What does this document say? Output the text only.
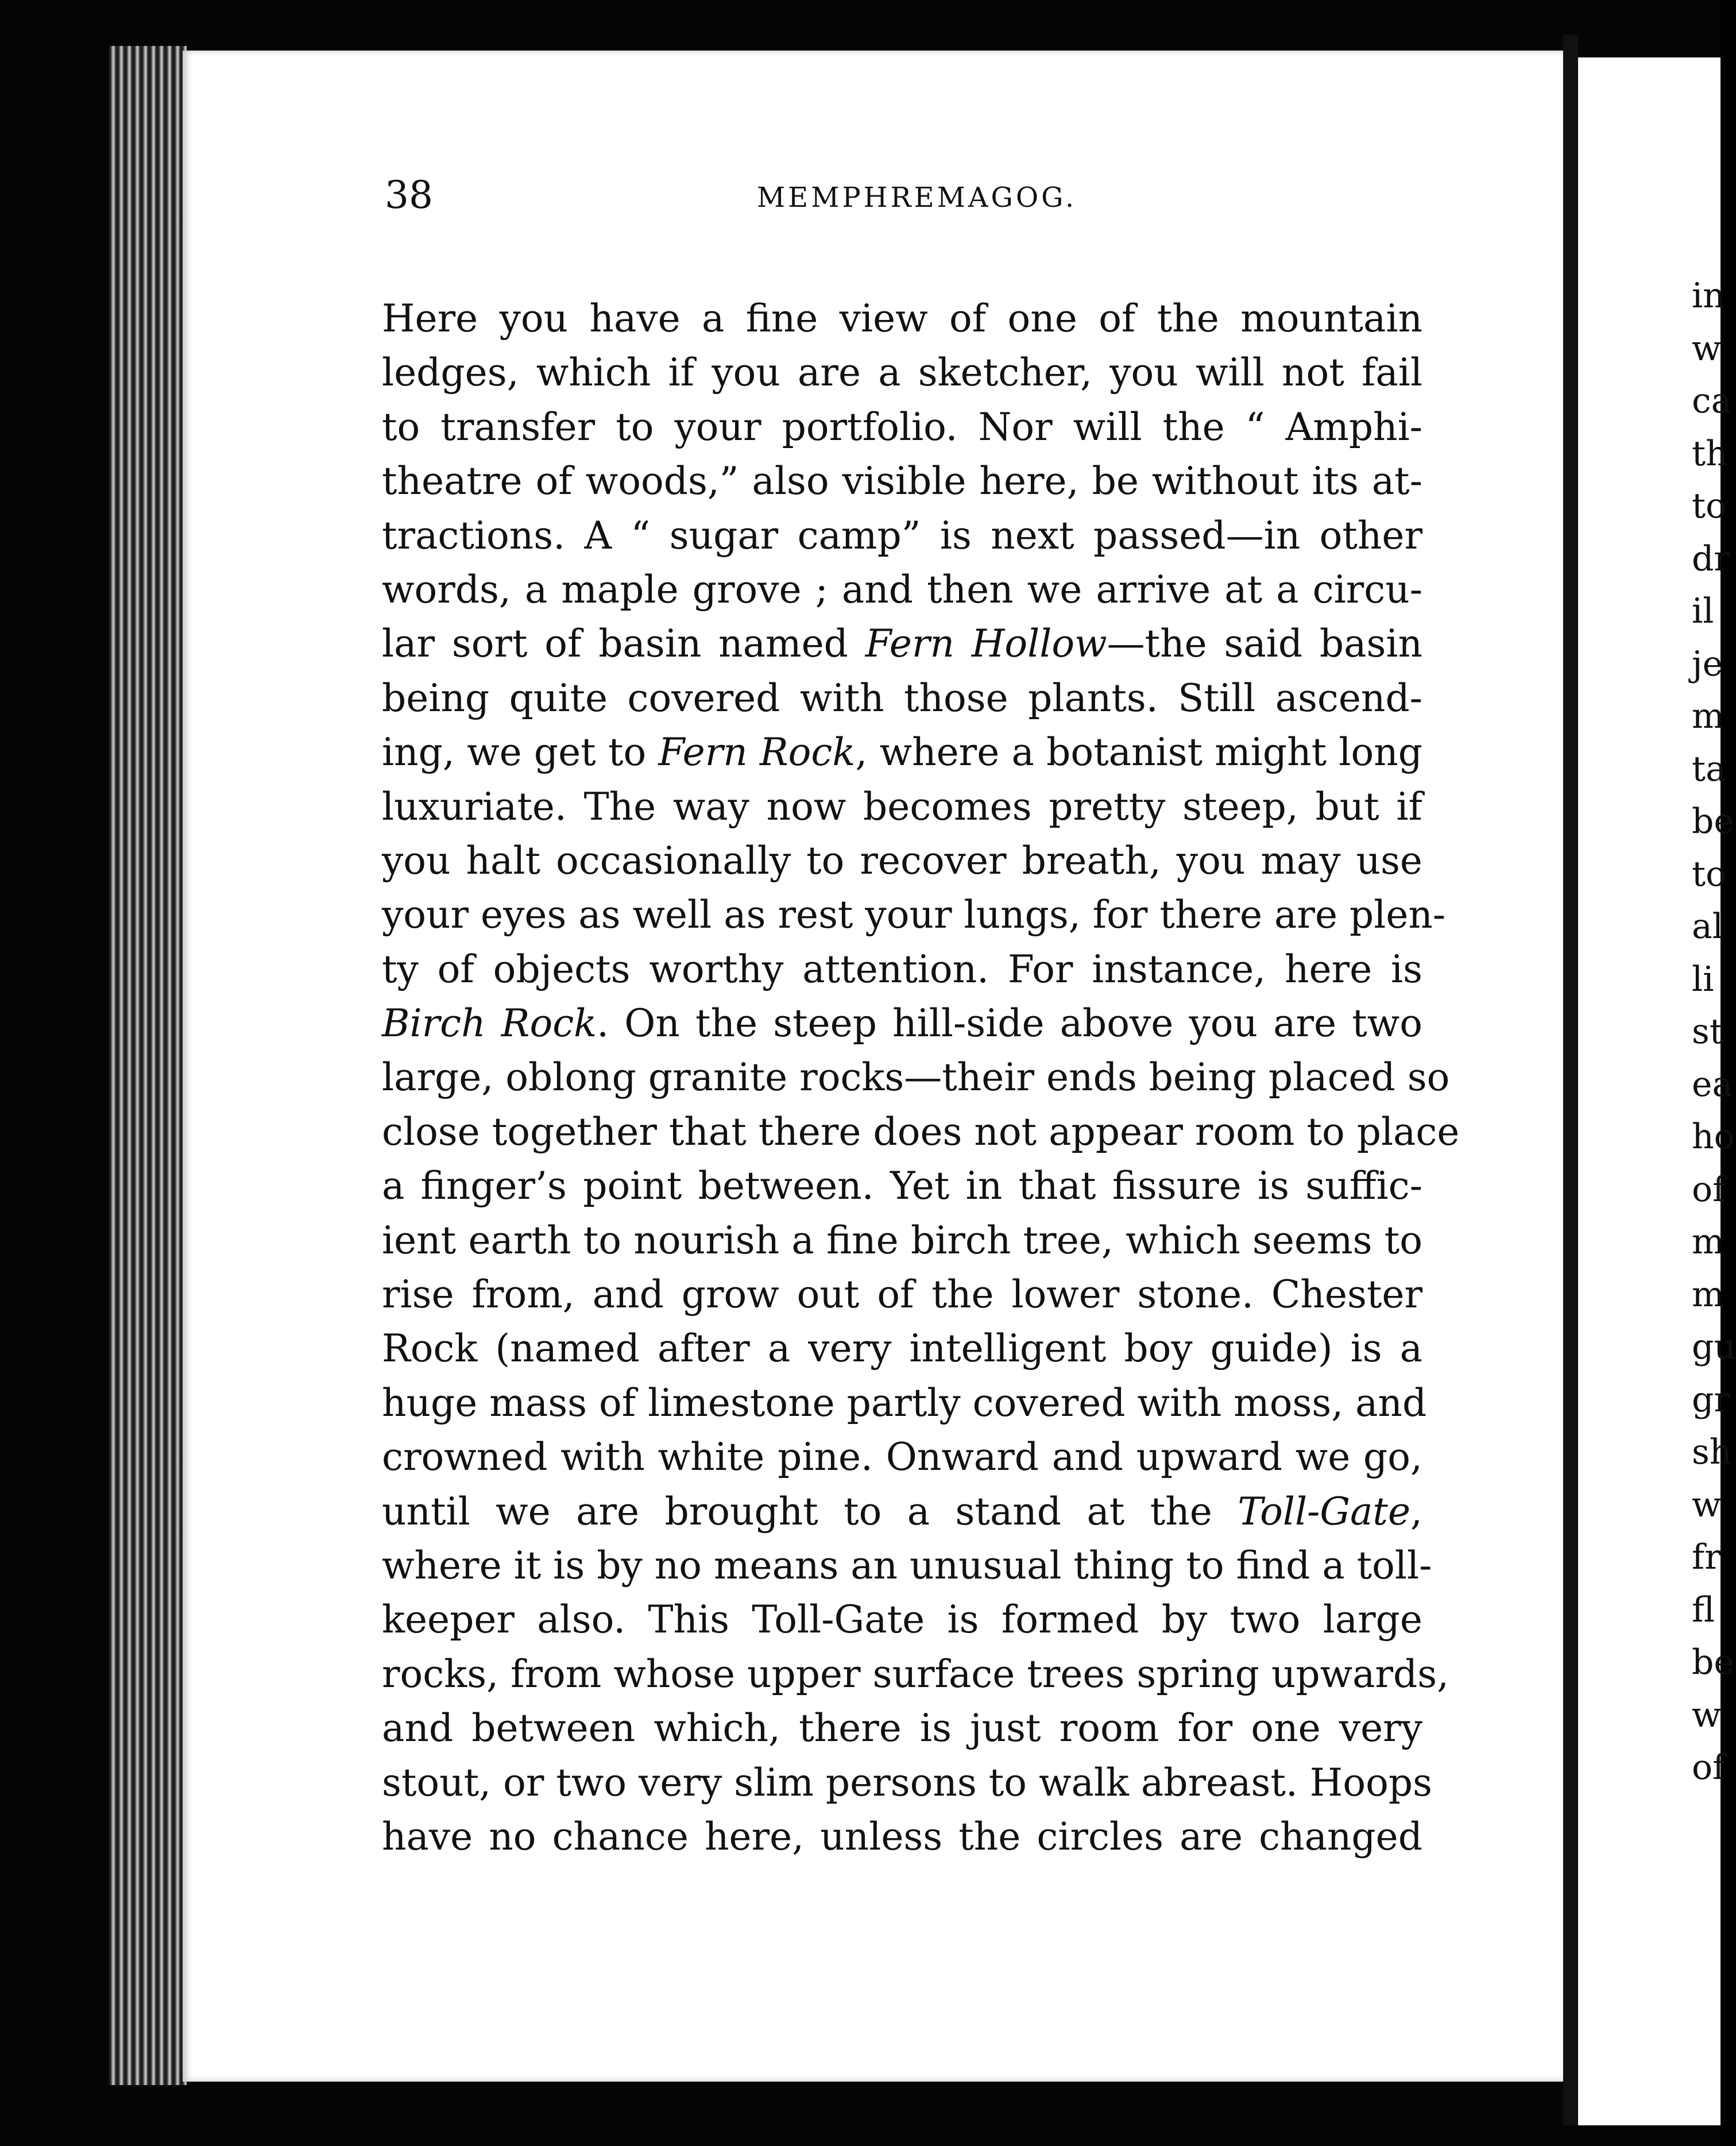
38	MEMPHREMAGOG.
Here you have a fine view of one of the mountain
ledges, which if you are a sketcher, you will not fail
to transfer to your portfolio. Nor will the “ Amphi-
theatre of woods,” also visible here, be without its at-
tractions. A “ sugar camp” is next passed—in other
words, a maple grove ; and then we arrive at a circu-
lar sort of basin named Fern Hollow—the said basin
being quite covered with those plants. Still ascend-
ing, we get to Fern Rock, where a botanist might long
luxuriate. The way now becomes pretty steep, but if
you halt occasionally to recover breath, you may use
your eyes as well as rest your lungs, for there are plen-
ty of objects worthy attention. For instance, here is
Birch Rock. On the steep hill-side above you are two
large, oblong granite rocks—their ends being placed so
close together that there does not appear room to place
a finger’s point between. Yet in that fissure is suffic-
ient earth to nourish a fine birch tree, which seems to
rise from, and grow out of the lower stone. Chester
Rock (named after a very intelligent boy guide) is a
huge mass of limestone partly covered with moss, and
crowned with white pine. Onward and upward we go,
until we are brought to a stand at the Toll-Gate,
where it is by no means an unusual thing to find a toll-
keeper also. This Toll-Gate is formed by two large
rocks, from whose upper surface trees spring upwards,
and between which, there is just room for one very
stout, or two very slim persons to walk abreast. Hoops
have no chance here, unless the circles are changed
in
w
ca
th
to
dr
il
je
m
ta
be
to
al
li
st
ea
ho
of
m
m
gu
gr
sh
w
fr
fl
be
w
of
